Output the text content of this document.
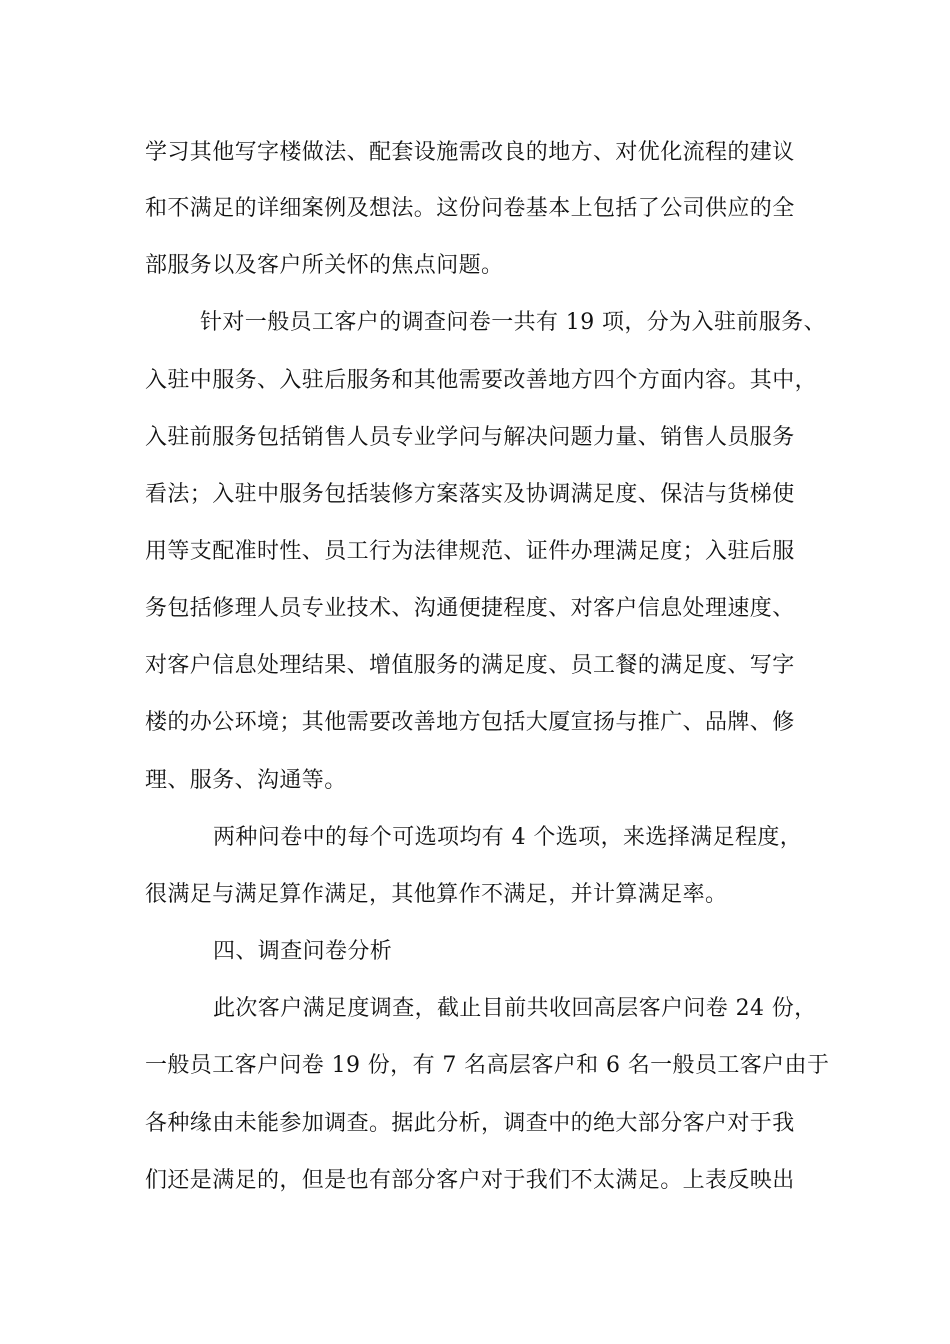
学习其他写字楼做法、配套设施需改良的地方、对优化流程的建议
和不满足的详细案例及想法。这份问卷基本上包括了公司供应的全
部服务以及客户所关怀的焦点问题。
针对一般员工客户的调查问卷一共有 19 项，分为入驻前服务、
入驻中服务、入驻后服务和其他需要改善地方四个方面内容。其中，
入驻前服务包括销售人员专业学问与解决问题力量、销售人员服务
看法；入驻中服务包括装修方案落实及协调满足度、保洁与货梯使
用等支配准时性、员工行为法律规范、证件办理满足度；入驻后服
务包括修理人员专业技术、沟通便捷程度、对客户信息处理速度、
对客户信息处理结果、增值服务的满足度、员工餐的满足度、写字
楼的办公环境；其他需要改善地方包括大厦宣扬与推广、品牌、修
理、服务、沟通等。
两种问卷中的每个可选项均有 4 个选项，来选择满足程度，
很满足与满足算作满足，其他算作不满足，并计算满足率。
四、调查问卷分析
此次客户满足度调查，截止目前共收回高层客户问卷 24 份，
一般员工客户问卷 19 份，有 7 名高层客户和 6 名一般员工客户由于
各种缘由未能参加调查。据此分析，调查中的绝大部分客户对于我
们还是满足的，但是也有部分客户对于我们不太满足。上表反映出
